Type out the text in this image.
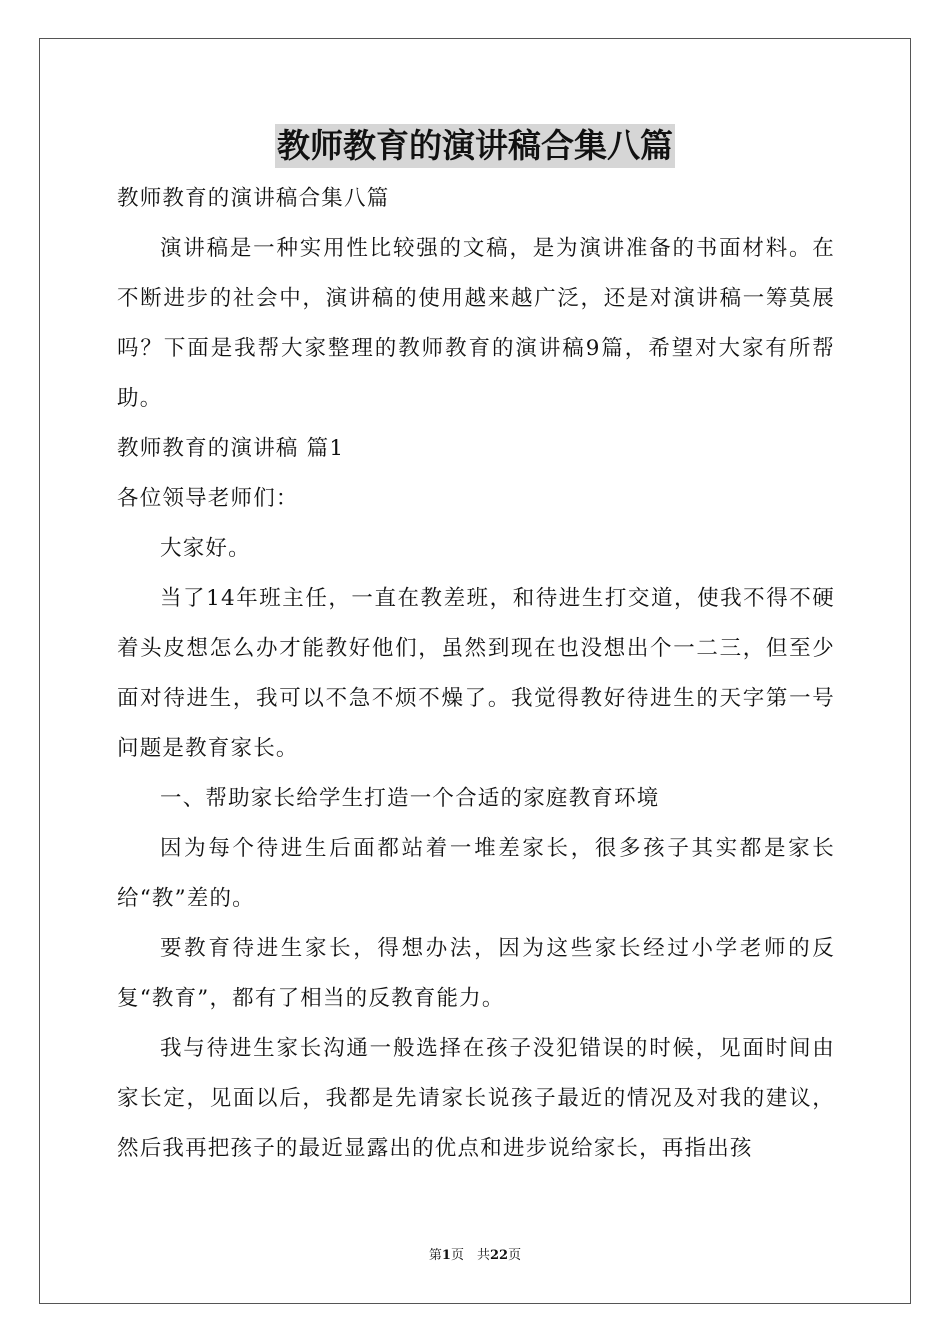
教师教育的演讲稿合集八篇

教师教育的演讲稿合集八篇

演讲稿是一种实用性比较强的文稿，是为演讲准备的书面材料。在不断进步的社会中，演讲稿的使用越来越广泛，还是对演讲稿一筹莫展吗？下面是我帮大家整理的教师教育的演讲稿9篇，希望对大家有所帮助。

教师教育的演讲稿 篇1

各位领导老师们：

大家好。

当了14年班主任，一直在教差班，和待进生打交道，使我不得不硬着头皮想怎么办才能教好他们，虽然到现在也没想出个一二三，但至少面对待进生，我可以不急不烦不燥了。我觉得教好待进生的天字第一号问题是教育家长。

一、帮助家长给学生打造一个合适的家庭教育环境

因为每个待进生后面都站着一堆差家长，很多孩子其实都是家长给“教”差的。

要教育待进生家长，得想办法，因为这些家长经过小学老师的反复“教育”，都有了相当的反教育能力。

我与待进生家长沟通一般选择在孩子没犯错误的时候，见面时间由家长定，见面以后，我都是先请家长说孩子最近的情况及对我的建议，然后我再把孩子的最近显露出的优点和进步说给家长，再指出孩

第1页　共22页
